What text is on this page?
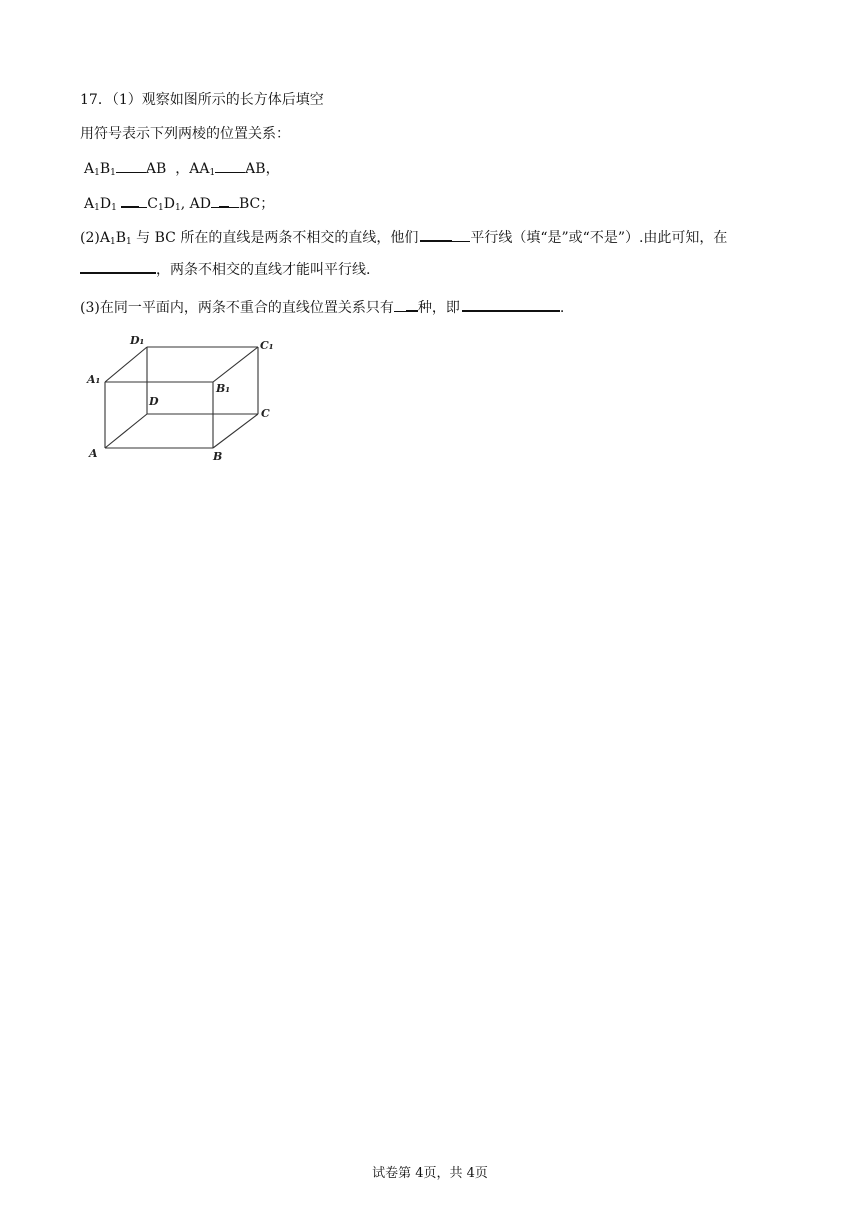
17．（1）观察如图所示的长方体后填空
用符号表示下列两棱的位置关系：
$A_1B_1$ AB ，$AA_1$ AB，
$A_1D_1$ $C_1D_1$, AD BC；
$(2)A_1B_1$ 与 BC 所在的直线是两条不相交的直线，他们	平行线（填“是”或“不是”）.由此可知，在
，两条不相交的直线才能叫平行线.
(3)在同一平面内，两条不重合的直线位置关系只有 种，即	.
D₁	C₁
A₁
B₁
D
C
A	B
试卷第 4页，共 4页
